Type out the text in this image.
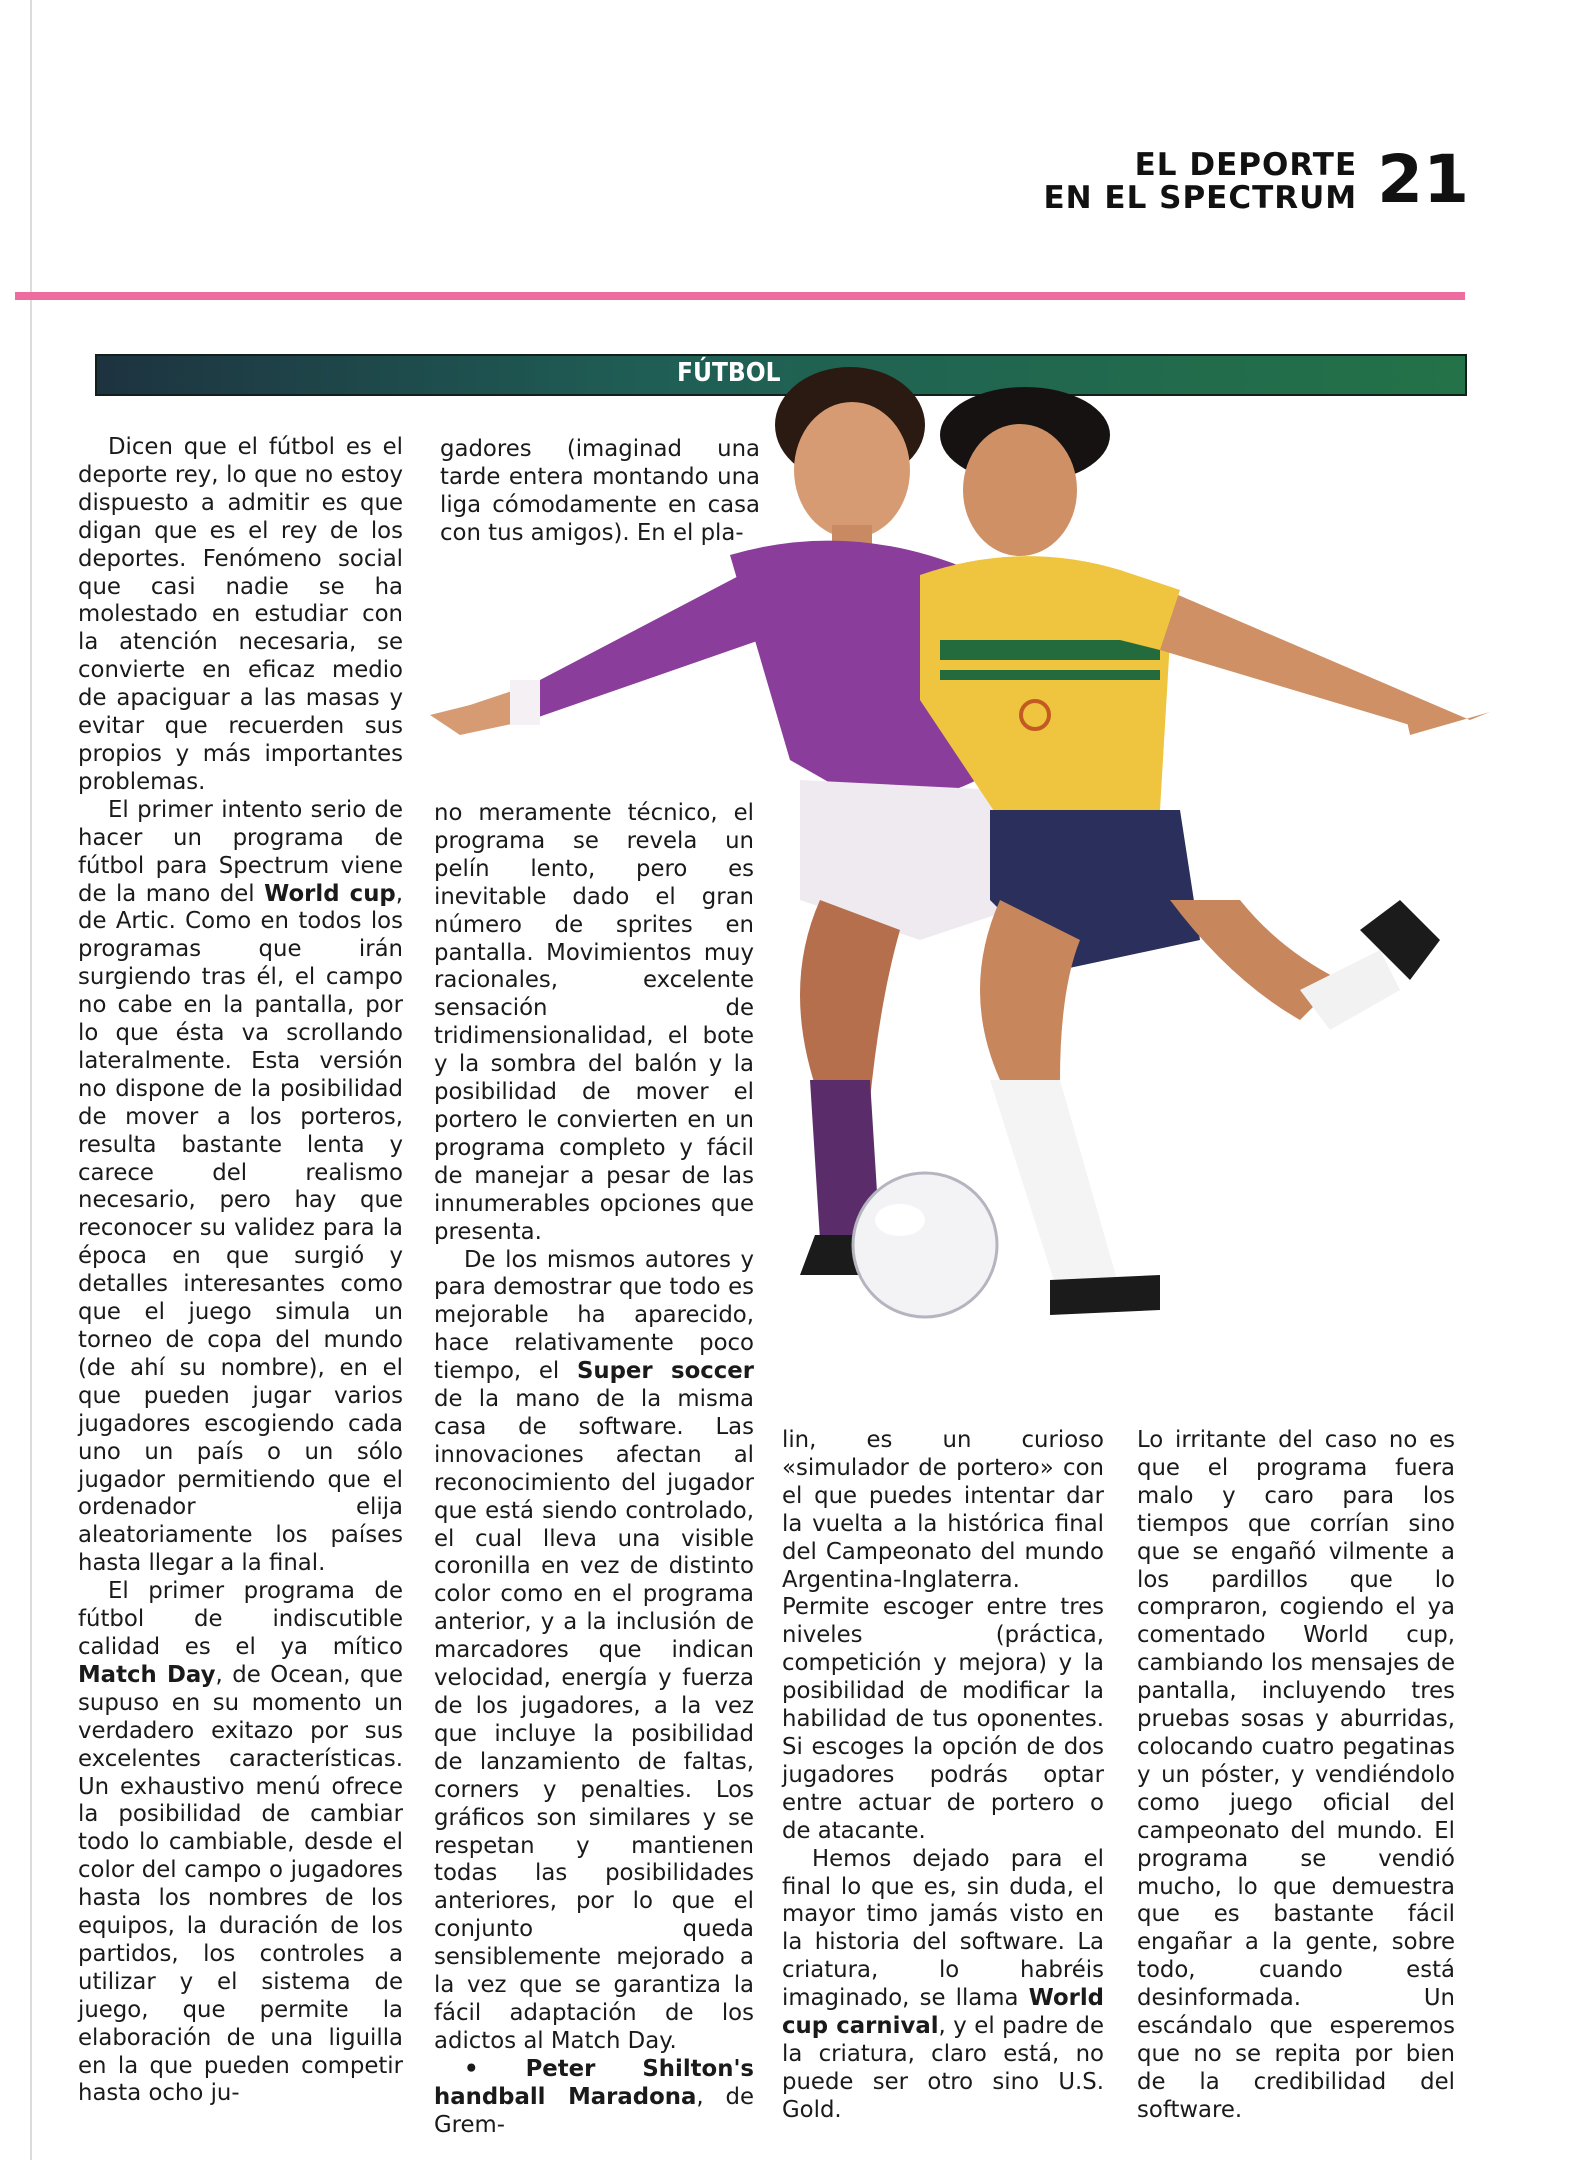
EL DEPORTE
EN EL SPECTRUM 21
FÚTBOL

Dicen que el fútbol es el deporte rey, lo que no estoy dispuesto a admitir es que digan que es el rey de los deportes. Fenómeno social que casi nadie se ha molestado en estudiar con la atención necesaria, se convierte en eficaz medio de apaciguar a las masas y evitar que recuerden sus propios y más importantes problemas.

El primer intento serio de hacer un programa de fútbol para Spectrum viene de la mano del World cup, de Artic. Como en todos los programas que irán surgiendo tras él, el campo no cabe en la pantalla, por lo que ésta va scrollando lateralmente. Esta versión no dispone de la posibilidad de mover a los porteros, resulta bastante lenta y carece del realismo necesario, pero hay que reconocer su validez para la época en que surgió y detalles interesantes como que el juego simula un torneo de copa del mundo (de ahí su nombre), en el que pueden jugar varios jugadores escogiendo cada uno un país o un sólo jugador permitiendo que el ordenador elija aleatoriamente los países hasta llegar a la final.

El primer programa de fútbol de indiscutible calidad es el ya mítico Match Day, de Ocean, que supuso en su momento un verdadero exitazo por sus excelentes características. Un exhaustivo menú ofrece la posibilidad de cambiar todo lo cambiable, desde el color del campo o jugadores hasta los nombres de los equipos, la duración de los partidos, los controles a utilizar y el sistema de juego, que permite la elaboración de una liguilla en la que pueden competir hasta ocho ju-

gadores (imaginad una tarde entera montando una liga cómodamente en casa con tus amigos). En el pla-

no meramente técnico, el programa se revela un pelín lento, pero es inevitable dado el gran número de sprites en pantalla. Movimientos muy racionales, excelente sensación de tridimensionalidad, el bote y la sombra del balón y la posibilidad de mover el portero le convierten en un programa completo y fácil de manejar a pesar de las innumerables opciones que presenta.

De los mismos autores y para demostrar que todo es mejorable ha aparecido, hace relativamente poco tiempo, el Super soccer de la mano de la misma casa de software. Las innovaciones afectan al reconocimiento del jugador que está siendo controlado, el cual lleva una visible coronilla en vez de distinto color como en el programa anterior, y a la inclusión de marcadores que indican velocidad, energía y fuerza de los jugadores, a la vez que incluye la posibilidad de lanzamiento de faltas, corners y penalties. Los gráficos son similares y se respetan y mantienen todas las posibilidades anteriores, por lo que el conjunto queda sensiblemente mejorado a la vez que se garantiza la fácil adaptación de los adictos al Match Day.

• Peter Shilton's handball Maradona, de Grem-

lin, es un curioso «simulador de portero» con el que puedes intentar dar la vuelta a la histórica final del Campeonato del mundo Argentina-Inglaterra. Permite escoger entre tres niveles (práctica, competición y mejora) y la posibilidad de modificar la habilidad de tus oponentes. Si escoges la opción de dos jugadores podrás optar entre actuar de portero o de atacante.

Hemos dejado para el final lo que es, sin duda, el mayor timo jamás visto en la historia del software. La criatura, lo habréis imaginado, se llama World cup carnival, y el padre de la criatura, claro está, no puede ser otro sino U.S. Gold.

Lo irritante del caso no es que el programa fuera malo y caro para los tiempos que corrían sino que se engañó vilmente a los pardillos que lo compraron, cogiendo el ya comentado World cup, cambiando los mensajes de pantalla, incluyendo tres pruebas sosas y aburridas, colocando cuatro pegatinas y un póster, y vendiéndolo como juego oficial del campeonato del mundo. El programa se vendió mucho, lo que demuestra que es bastante fácil engañar a la gente, sobre todo, cuando está desinformada. Un escándalo que esperemos que no se repita por bien de la credibilidad del software.
